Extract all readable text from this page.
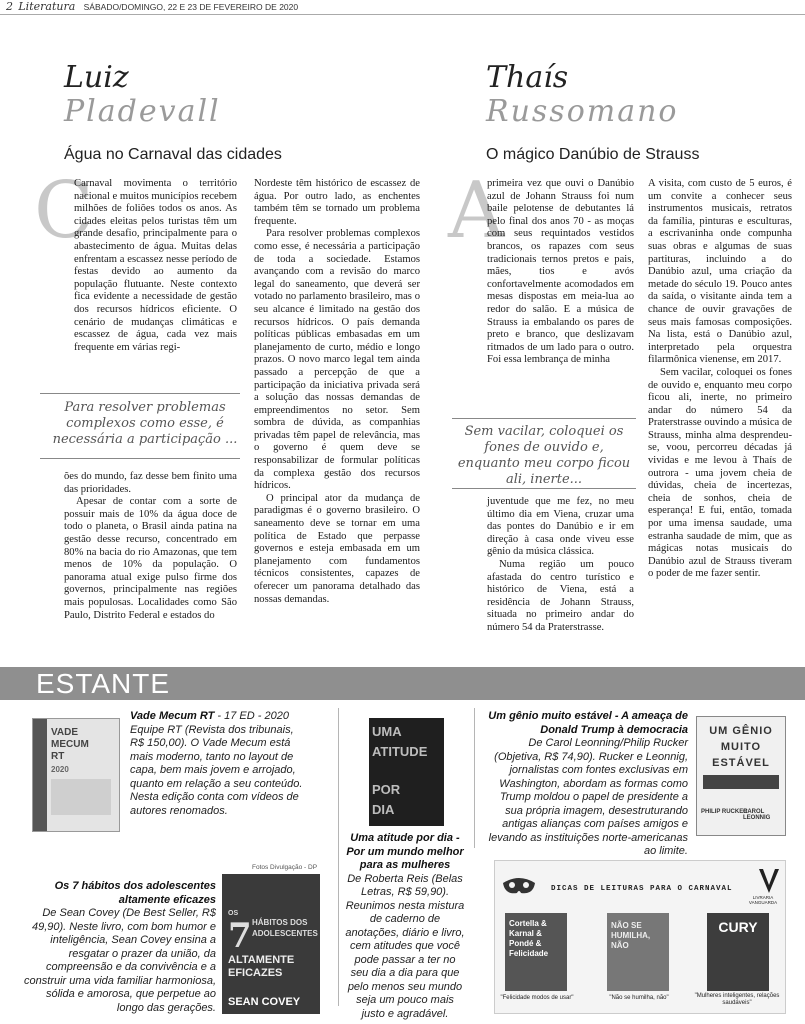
2 Literatura SÁBADO/DOMINGO, 22 E 23 DE FEVEREIRO DE 2020
Luiz
Pladevall
Água no Carnaval das cidades
C

Carnaval movimenta o território nacional e muitos municípios recebem milhões de foliões todos os anos. As cidades eleitas pelos turistas têm um grande desafio, principalmente para o abastecimento de água. Muitas delas enfrentam a escassez nesse período de festas devido ao aumento da população flutuante. Neste contexto fica evidente a necessidade de gestão dos recursos hídricos eficiente. O cenário de mudanças climáticas e escassez de água, cada vez mais frequente em várias regi-

Para resolver problemas complexos como esse, é necessária a participação ...

ões do mundo, faz desse bem finito uma das prioridades.

Apesar de contar com a sorte de possuir mais de 10% da água doce de todo o planeta, o Brasil ainda patina na gestão desse recurso, concentrado em 80% na bacia do rio Amazonas, que tem menos de 10% da população. O panorama atual exige pulso firme dos governos, principalmente nas regiões mais populosas. Localidades como São Paulo, Distrito Federal e estados do

Nordeste têm histórico de escassez de água. Por outro lado, as enchentes também têm se tornado um problema frequente.

Para resolver problemas complexos como esse, é necessária a participação de toda a sociedade. Estamos avançando com a revisão do marco legal do saneamento, que deverá ser votado no parlamento brasileiro, mas o seu alcance é limitado na gestão dos recursos hídricos. O país demanda políticas públicas embasadas em um planejamento de curto, médio e longo prazos. O novo marco legal tem ainda passado a percepção de que a participação da iniciativa privada será a solução das nossas demandas de empreendimentos no setor. Sem sombra de dúvida, as companhias privadas têm papel de relevância, mas o governo é quem deve se responsabilizar de formular políticas da complexa gestão dos recursos hídricos.

O principal ator da mudança de paradigmas é o governo brasileiro. O saneamento deve se tornar em uma política de Estado que perpasse governos e esteja embasada em um planejamento com fundamentos técnicos consistentes, capazes de oferecer um panorama detalhado das nossas demandas.

Thaís
Russomano
O mágico Danúbio de Strauss
A

primeira vez que ouvi o Danúbio azul de Johann Strauss foi num baile pelotense de debutantes lá pelo final dos anos 70 - as moças com seus requintados vestidos brancos, os rapazes com seus tradicionais ternos pretos e pais, mães, tios e avós confortavelmente acomodados em mesas dispostas em meia-lua ao redor do salão. E a música de Strauss ia embalando os pares de preto e branco, que deslizavam ritmados de um lado para o outro. Foi essa lembrança de minha

Sem vacilar, coloquei os fones de ouvido e, enquanto meu corpo ficou ali, inerte...

juventude que me fez, no meu último dia em Viena, cruzar uma das pontes do Danúbio e ir em direção à casa onde viveu esse gênio da música clássica.

Numa região um pouco afastada do centro turístico e histórico de Viena, está a residência de Johann Strauss, situada no primeiro andar do número 54 da Praterstrasse.

A visita, com custo de 5 euros, é um convite a conhecer seus instrumentos musicais, retratos da família, pinturas e esculturas, a escrivaninha onde compunha suas obras e algumas de suas partituras, incluindo a do Danúbio azul, uma criação da metade do século 19. Pouco antes da saída, o visitante ainda tem a chance de ouvir gravações de seus mais famosas composições. Na lista, está o Danúbio azul, interpretado pela orquestra filarmônica vienense, em 2017.

Sem vacilar, coloquei os fones de ouvido e, enquanto meu corpo ficou ali, inerte, no primeiro andar do número 54 da Praterstrasse ouvindo a música de Strauss, minha alma desprendeu-se, voou, percorreu décadas já vividas e me levou à Thaís de outrora - uma jovem cheia de dúvidas, cheia de incertezas, cheia de sonhos, cheia de esperança! E fui, então, tomada por uma imensa saudade, uma estranha saudade de mim, que as mágicas notas musicais do Danúbio azul de Strauss tiveram o poder de me fazer sentir.

ESTANTE
VADE
MECUM
RT
2020
Vade Mecum RT - 17 ED - 2020
Equipe RT (Revista dos tribunais, R$ 150,00). O Vade Mecum está mais moderno, tanto no layout de capa, bem mais jovem e arrojado, quanto em relação a seu conteúdo. Nesta edição conta com vídeos de autores renomados.
UMA
ATITUDE
POR
DIA
Uma atitude por dia - Por um mundo melhor para as mulheres
De Roberta Reis (Belas Letras, R$ 59,90). Reunimos nesta mistura de caderno de anotações, diário e livro, cem atitudes que você pode passar a ter no seu dia a dia para que pelo menos seu mundo seja um pouco mais justo e agradável.
Um gênio muito estável - A ameaça de Donald Trump à democracia
De Carol Leonning/Philip Rucker (Objetiva, R$ 74,90). Rucker e Leonnig, jornalistas com fontes exclusivas em Washington, abordam as formas como Trump moldou o papel de presidente a sua própria imagem, desestruturando antigas alianças com países amigos e levando as instituições norte-americanas ao limite.
UM GÊNIO
MUITO
ESTÁVEL
PHILIP RUCKER
CAROL LEONNIG
Fotos Divulgação - DP
Os 7 hábitos dos adolescentes altamente eficazes
De Sean Covey (De Best Seller, R$ 49,90). Neste livro, com bom humor e inteligência, Sean Covey ensina a resgatar o prazer da união, da compreensão e da convivência e a construir uma vida familiar harmoniosa, sólida e amorosa, que perpetue ao longo das gerações.
OS
7 HÁBITOS DOS
ADOLESCENTES
ALTAMENTE
EFICAZES
SEAN COVEY
DICAS DE LEITURAS PARA O CARNAVAL
LIVRARIA VANGUARDA
Cortella & Karnal & Pondé & Felicidade
NÃO SE HUMILHA, NÃO
CURY
"Felicidade modos de usar"	"Não se humilha, não"	"Mulheres inteligentes, relações saudáveis"
